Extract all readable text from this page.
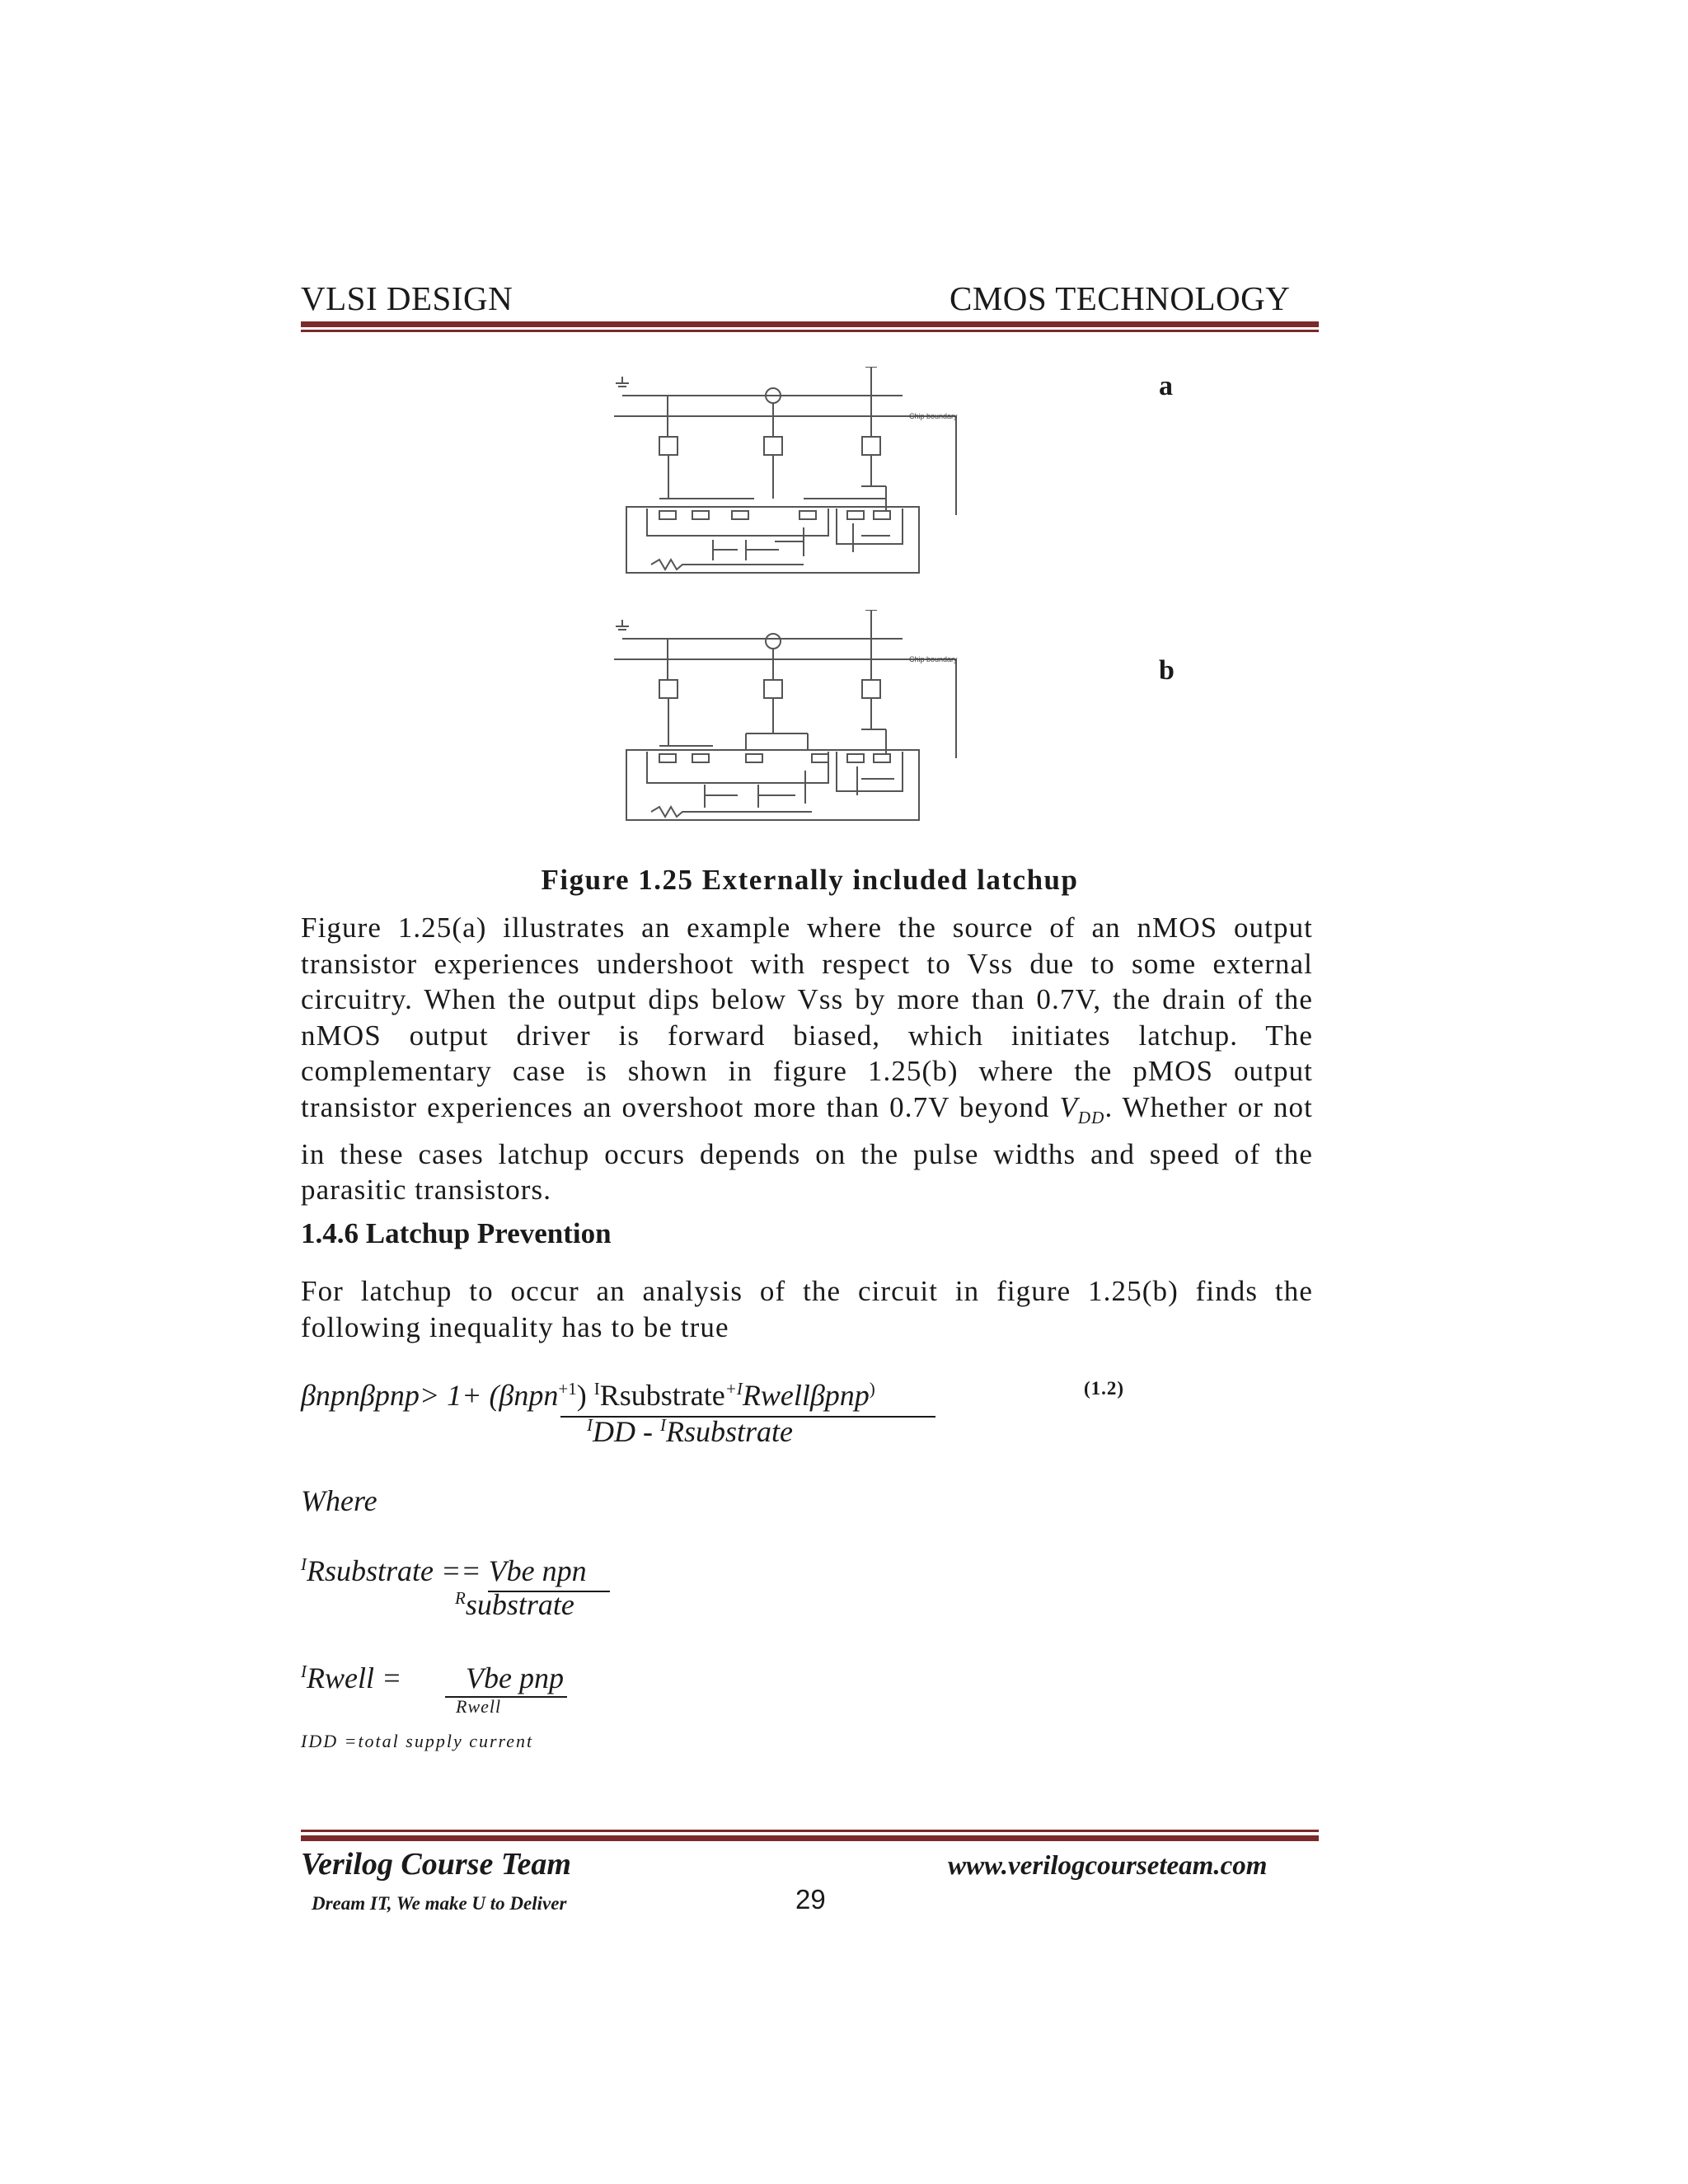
VLSI DESIGN	CMOS TECHNOLOGY
Chip boundary
a
Chip boundary	b
Figure 1.25 Externally included latchup
Figure 1.25(a) illustrates an example where the source of an nMOS output transistor experiences undershoot with respect to Vss due to some external circuitry. When the output dips below Vss by more than 0.7V, the drain of the nMOS output driver is forward biased, which initiates latchup. The complementary case is shown in figure 1.25(b) where the pMOS output transistor experiences an overshoot more than 0.7V beyond $V_{DD}$. Whether or not in these cases latchup occurs depends on the pulse widths and speed of the parasitic transistors.
1.4.6 Latchup Prevention
For latchup to occur an analysis of the circuit in figure 1.25(b) finds the following inequality has to be true
βnpnβpnp> 1+ (βnpn$^{+1}$) $^I$Rsubstrate$^{+I}$Rwellβpnp)
$^I$DD - $^I$Rsubstrate
(1.2)
Where
$^I$Rsubstrate == Vbe npn
$^R$substrate
$^I$Rwell = Vbe pnp
Rwell
IDD =total supply current
Verilog Course Team
Dream IT, We make U to Deliver	29
www.verilogcourseteam.com
